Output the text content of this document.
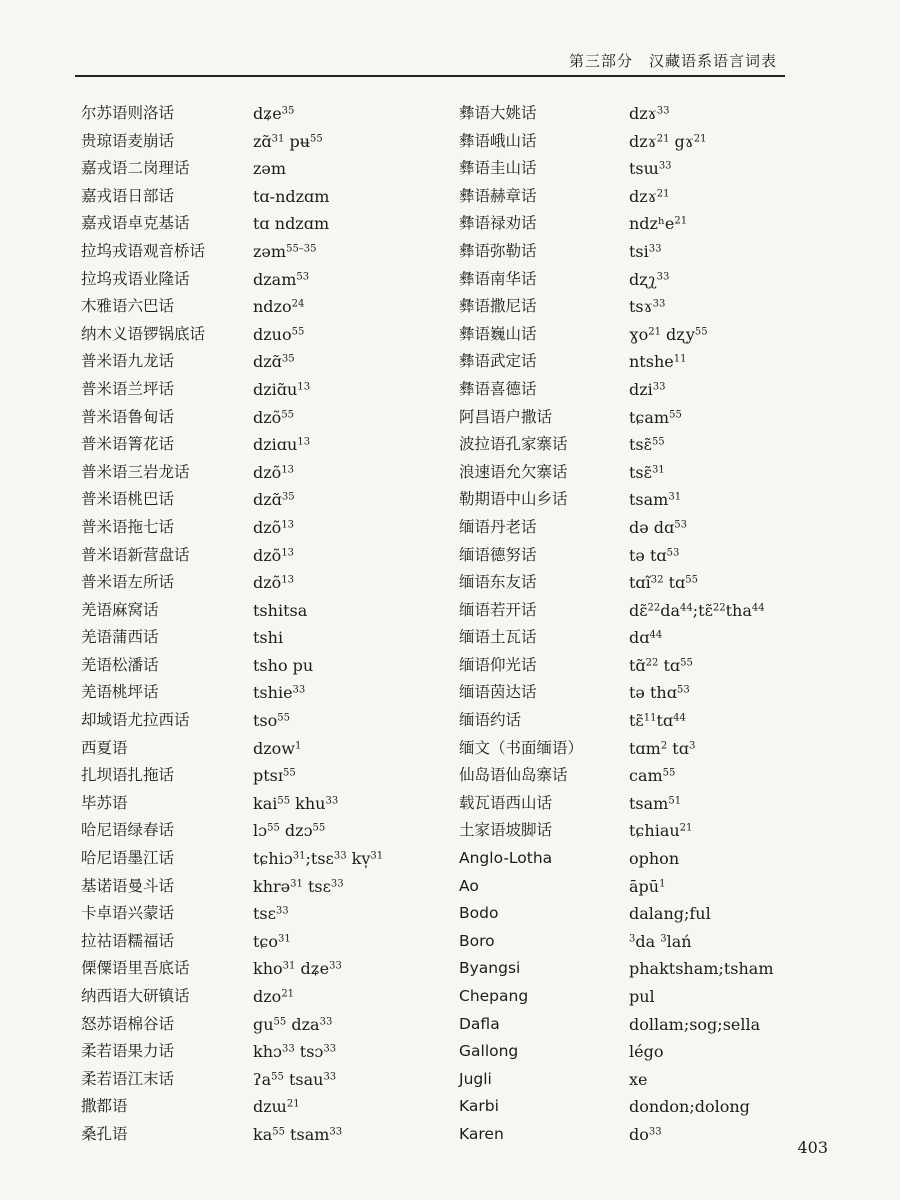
第三部分　汉藏语系语言词表
尔苏语则洛话	dʑe$^{35}$
贵琼语麦崩话	zɑ̃$^{31}$ pʉ$^{55}$
嘉戎语二岗理话	zəm
嘉戎语日部话	tɑ-ndzɑm
嘉戎语卓克基话	tɑ ndzɑm
拉坞戎语观音桥话	zəm$^{55-35}$
拉坞戎语业隆话	dzam$^{53}$
木雅语六巴话	ndzo$^{24}$
纳木义语锣锅底话	dzuo$^{55}$
普米语九龙话	dzɑ̃$^{35}$
普米语兰坪话	$dziɑ̃u^{13}$
普米语鲁甸话	dzõ$^{55}$
普米语箐花话	dziɑu$^{13}$
普米语三岩龙话	dzõ$^{13}$
普米语桃巴话	dzɑ̃$^{35}$
普米语拖七话	dzõ$^{13}$
普米语新营盘话	dzõ$^{13}$
普米语左所话	dzõ$^{13}$
羌语麻窝话	tshitsa
羌语蒲西话	tshi
羌语松潘话	tsho pu
羌语桃坪话	tshie$^{33}$
却域语尤拉西话	tso$^{55}$
西夏语	dzow$^1$
扎坝语扎拖话	ptsɪ$^{55}$
毕苏语	kai$^{55}$ khu$^{33}$
哈尼语绿春话	lɔ$^{55}$ dzɔ$^{55}$
哈尼语墨江话	tɕhiɔ$^{31}$;tsɛ$^{33}$ kv̩$^{31}$
基诺语曼斗话	khrə$^{31}$ tsɛ$^{33}$
卡卓语兴蒙话	tsɛ$^{33}$
拉祜语糯福话	tɕo$^{31}$
傈僳语里吾底话	kho$^{31}$ dʑe$^{33}$
纳西语大研镇话	dzo$^{21}$
怒苏语棉谷话	$gu^{55}$ dza$^{33}$
柔若语果力话	khɔ$^{33}$ tsɔ$^{33}$
柔若语江末话	ʔa$^{55}$ tsau$^{33}$
撒都语	dzɯ$^{21}$
桑孔语	$ka^{55}$ tsam$^{33}$
彝语大姚话	dzɤ$^{33}$
彝语峨山话	dzɤ$^{21}$ gɤ$^{21}$
彝语圭山话	tsɯ$^{33}$
彝语赫章话	dzɤ$^{21}$
彝语禄劝话	ndzʰe$^{21}$
彝语弥勒话	tsi$^{33}$
彝语南华话	dʐʅ$^{33}$
彝语撒尼话	tsɤ$^{33}$
彝语巍山话	ɣo$^{21}$ dʐy$^{55}$
彝语武定话	ntshe$^{11}$
彝语喜德话	dzi$^{33}$
阿昌语户撒话	tɕam$^{55}$
波拉语孔家寨话	tsɛ̃$^{55}$
浪速语允欠寨话	tsɛ̃$^{31}$
勒期语中山乡话	tsam$^{31}$
缅语丹老话	də dɑ$^{53}$
缅语德努话	tə tɑ$^{53}$
缅语东友话	tɑĩ$^{32}$ tɑ$^{55}$
缅语若开话	$dɛ̃^{22}da^{44};tɛ̃^{22}tha^{44}$
缅语土瓦话	dɑ$^{44}$
缅语仰光话	tɑ̃$^{22}$ tɑ$^{55}$
缅语茵达话	tə thɑ$^{53}$
缅语约话	tɛ̃$^{11}$tɑ$^{44}$
缅文（书面缅语）	tɑm$^2$ tɑ$^3$
仙岛语仙岛寨话	cam$^{55}$
载瓦语西山话	tsam$^{51}$
土家语坡脚话	tɕhiau$^{21}$
Anglo-Lotha	ophon
Ao	āpū$^1$
Bodo	dalang;ful
Boro	$^3$da $^3$lań
Byangsi	phaktsham;tsham
Chepang	pul
Dafla	dollam;sog;sella
Gallong	légo
Jugli	xe
Karbi	dondon;dolong
Karen	$do^{33}$
403
